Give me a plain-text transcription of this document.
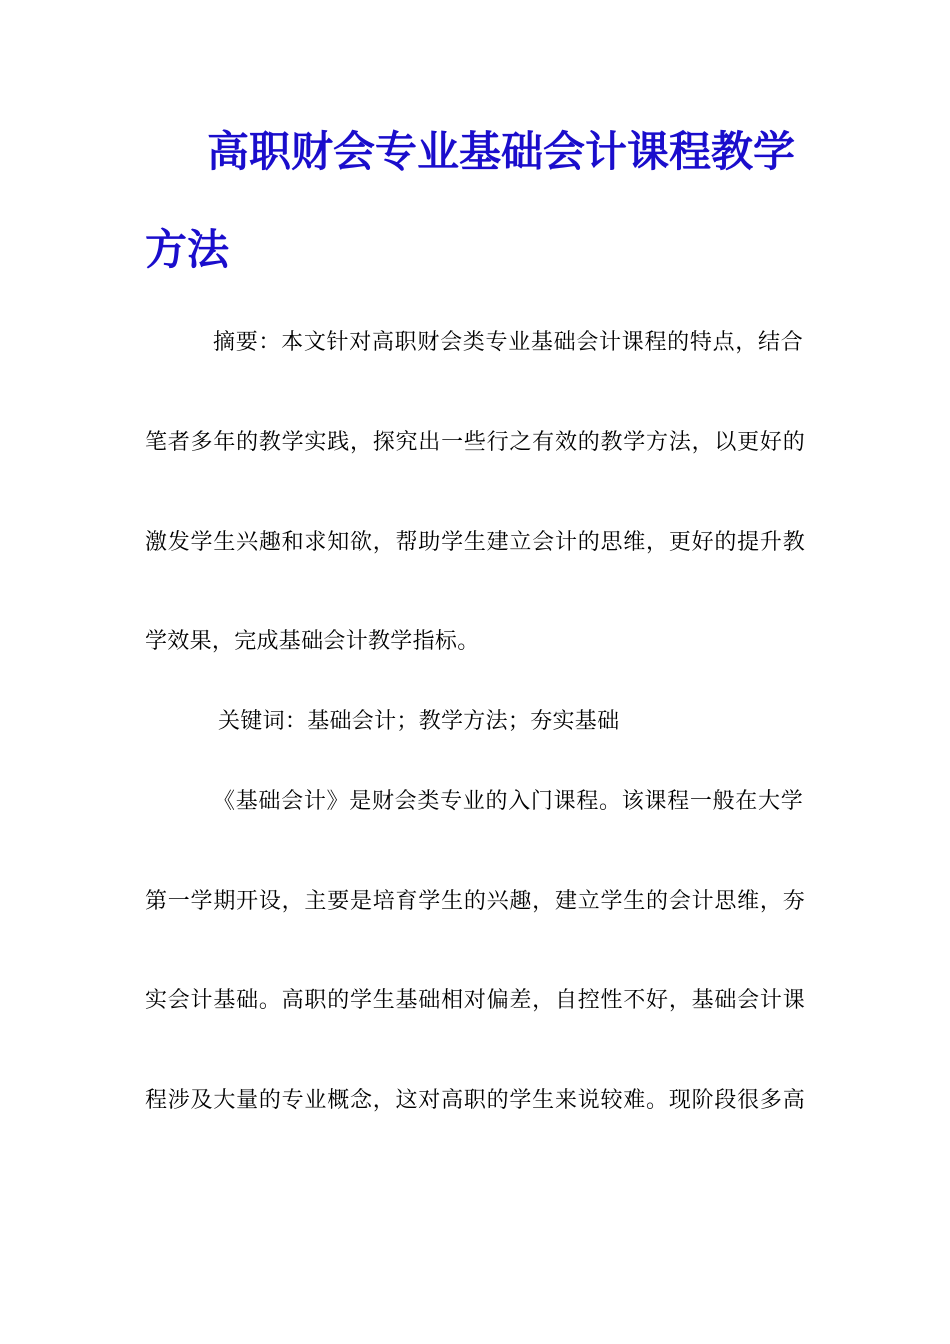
高职财会专业基础会计课程教学
方法

摘要：本文针对高职财会类专业基础会计课程的特点，结合

笔者多年的教学实践，探究出一些行之有效的教学方法，以更好的

激发学生兴趣和求知欲，帮助学生建立会计的思维，更好的提升教

学效果，完成基础会计教学指标。

关键词：基础会计；教学方法；夯实基础

《基础会计》是财会类专业的入门课程。该课程一般在大学

第一学期开设，主要是培育学生的兴趣，建立学生的会计思维，夯

实会计基础。高职的学生基础相对偏差，自控性不好，基础会计课

程涉及大量的专业概念，这对高职的学生来说较难。现阶段很多高
